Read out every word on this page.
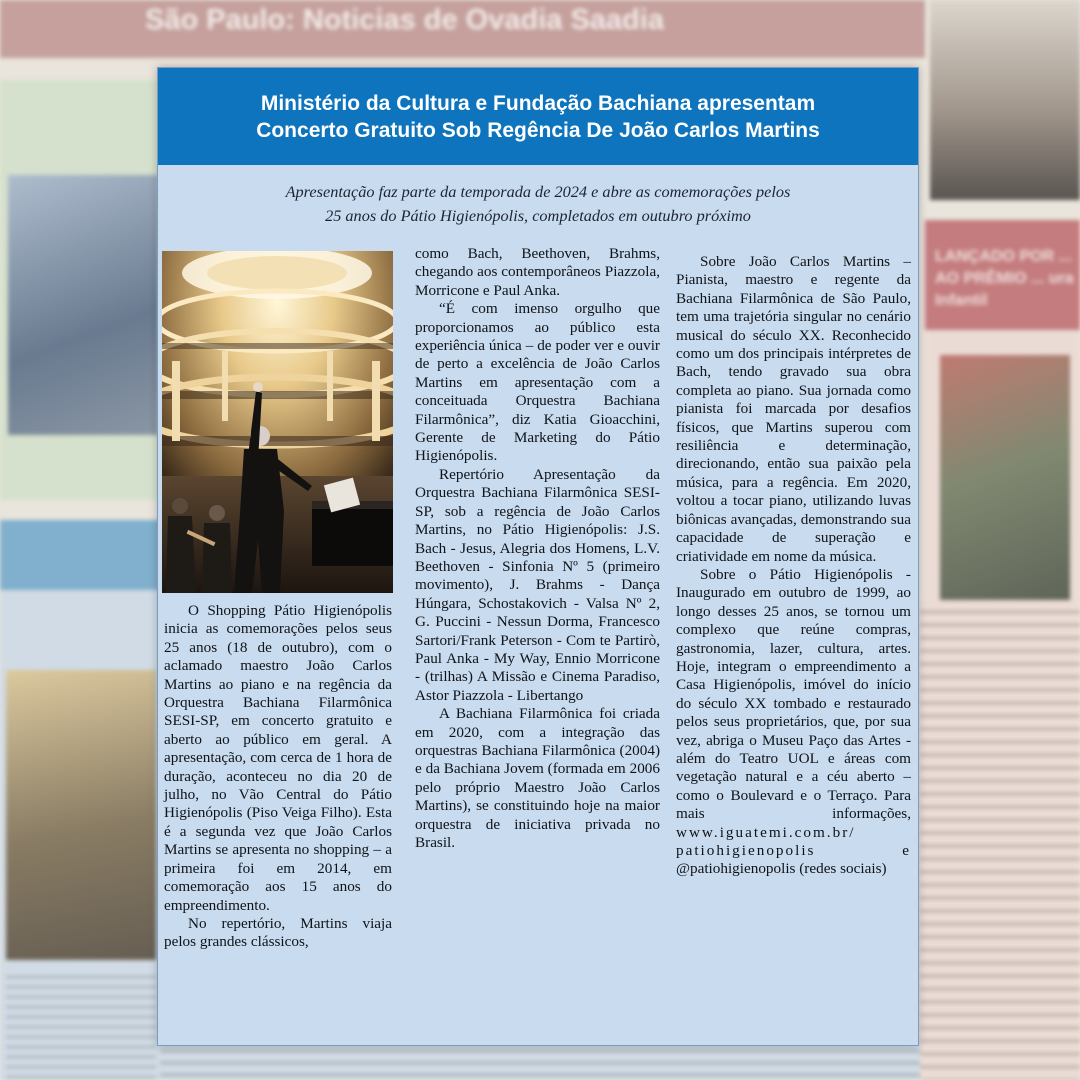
São Paulo: Noticias de Ovadia Saadia
LANÇADO POR ... AO PRÊMIO ... ura Infantil
Ministério da Cultura e Fundação Bachiana apresentam
Concerto Gratuito Sob Regência De João Carlos Martins
Apresentação faz parte da temporada de 2024 e abre as comemorações pelos
25 anos do Pátio Higienópolis, completados em outubro próximo

O Shopping Pátio Higienópolis inicia as comemorações pelos seus 25 anos (18 de outubro), com o aclamado maestro João Carlos Martins ao piano e na regência da Orquestra Bachiana Filarmônica SESI-SP, em concerto gratuito e aberto ao público em geral. A apresentação, com cerca de 1 hora de duração, aconteceu no dia 20 de julho, no Vão Central do Pátio Higienópolis (Piso Veiga Filho). Esta é a segunda vez que João Carlos Martins se apresenta no shopping – a primeira foi em 2014, em comemoração aos 15 anos do empreendimento.

No repertório, Martins viaja pelos grandes clássicos,

como Bach, Beethoven, Brahms, chegando aos contemporâneos Piazzola, Morricone e Paul Anka.

“É com imenso orgulho que proporcionamos ao público esta experiência única – de poder ver e ouvir de perto a excelência de João Carlos Martins em apresentação com a conceituada Orquestra Bachiana Filarmônica”, diz Katia Gioacchini, Gerente de Marketing do Pátio Higienópolis.

Repertório Apresentação da Orquestra Bachiana Filarmônica SESI-SP, sob a regência de João Carlos Martins, no Pátio Higienópolis: J.S. Bach - Jesus, Alegria dos Homens, L.V. Beethoven - Sinfonia Nº 5 (primeiro movimento), J. Brahms - Dança Húngara, Schostakovich - Valsa Nº 2, G. Puccini - Nessun Dorma, Francesco Sartori/Frank Peterson - Com te Partirò, Paul Anka - My Way, Ennio Morricone - (trilhas) A Missão e Cinema Paradiso, Astor Piazzola - Libertango

A Bachiana Filarmônica foi criada em 2020, com a integração das orquestras Bachiana Filarmônica (2004) e da Bachiana Jovem (formada em 2006 pelo próprio Maestro João Carlos Martins), se constituindo hoje na maior orquestra de iniciativa privada no Brasil.

Sobre João Carlos Martins – Pianista, maestro e regente da Bachiana Filarmônica de São Paulo, tem uma trajetória singular no cenário musical do século XX. Reconhecido como um dos principais intérpretes de Bach, tendo gravado sua obra completa ao piano. Sua jornada como pianista foi marcada por desafios físicos, que Martins superou com resiliência e determinação, direcionando, então sua paixão pela música, para a regência. Em 2020, voltou a tocar piano, utilizando luvas biônicas avançadas, demonstrando sua capacidade de superação e criatividade em nome da música.

Sobre o Pátio Higienópolis - Inaugurado em outubro de 1999, ao longo desses 25 anos, se tornou um complexo que reúne compras, gastronomia, lazer, cultura, artes. Hoje, integram o empreendimento a Casa Higienópolis, imóvel do início do século XX tombado e restaurado pelos seus proprietários, que, por sua vez, abriga o Museu Paço das Artes -além do Teatro UOL e áreas com vegetação natural e a céu aberto – como o Boulevard e o Terraço. Para mais informações,

www.iguatemi.com.br/

patiohigienopolis e

@patiohigienopolis (redes sociais)
